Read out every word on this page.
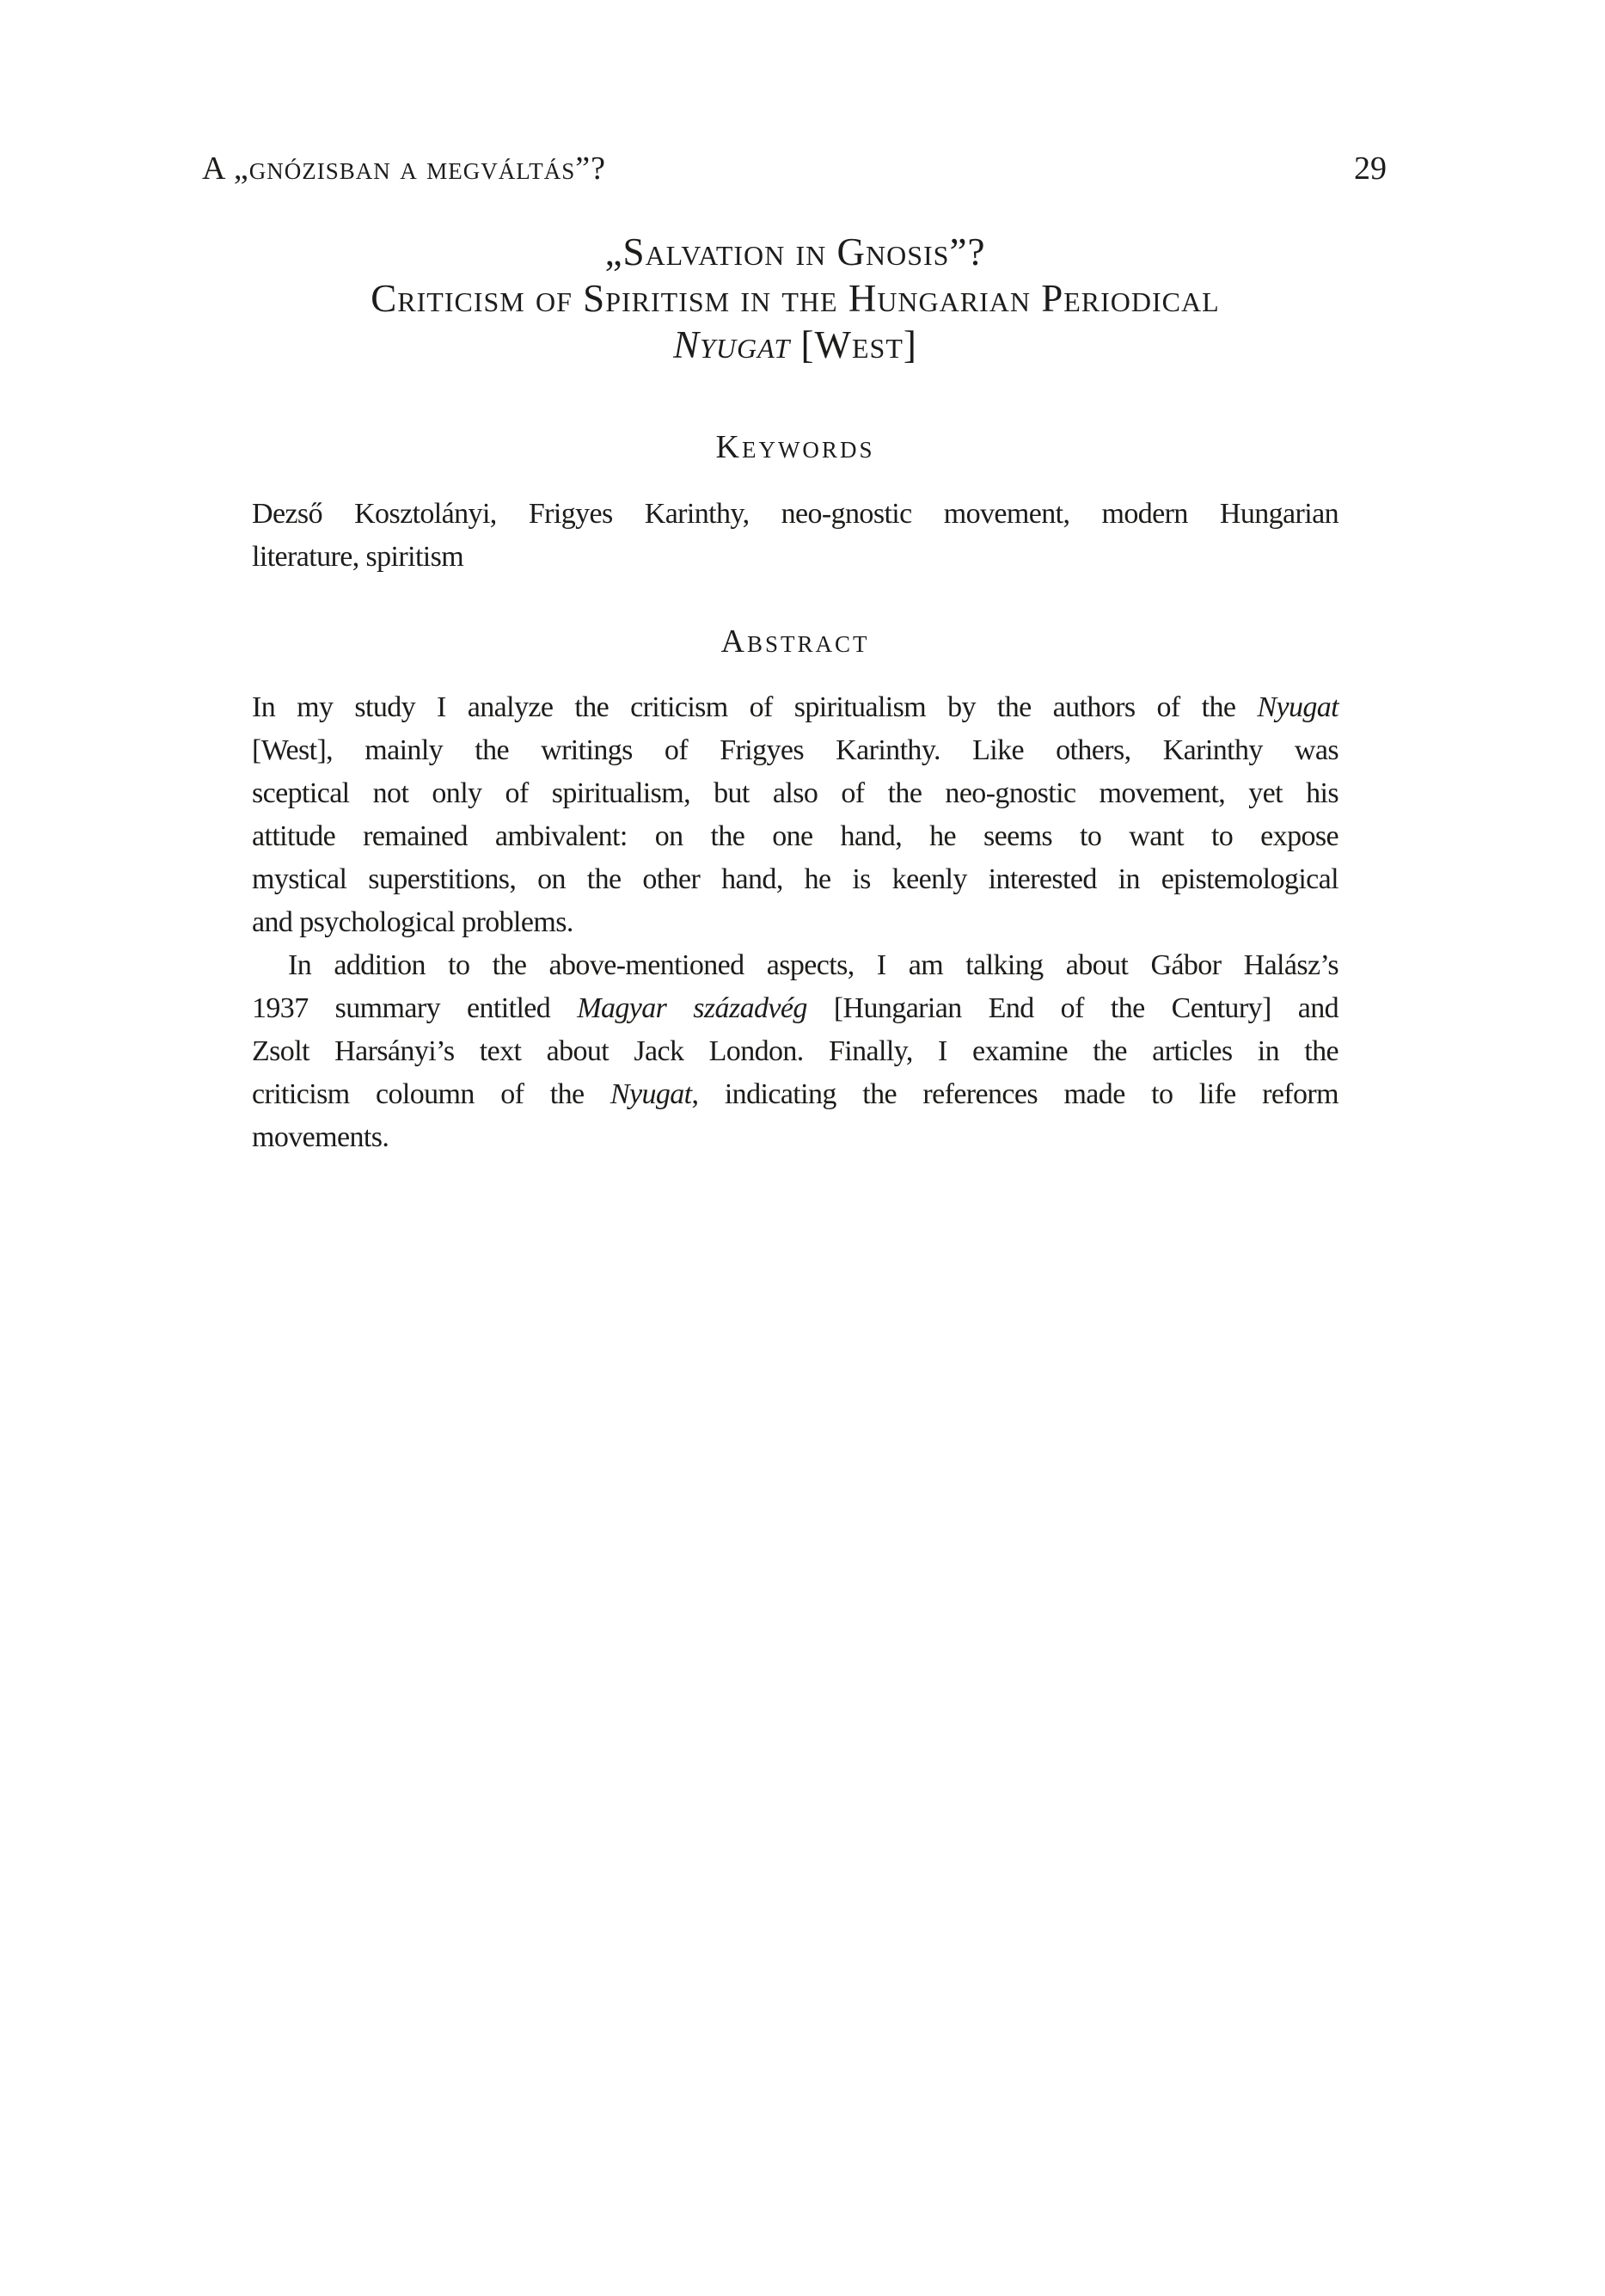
A „gnózisban a megváltás”?	29
„Salvation in Gnosis”?
Criticism of Spiritism in the Hungarian Periodical
Nyugat [West]
Keywords
Dezső Kosztolányi, Frigyes Karinthy, neo-gnostic movement, modern Hungarian
literature, spiritism
Abstract
In my study I analyze the criticism of spiritualism by the authors of the Nyugat
[West], mainly the writings of Frigyes Karinthy. Like others, Karinthy was
sceptical not only of spiritualism, but also of the neo-gnostic movement, yet his
attitude remained ambivalent: on the one hand, he seems to want to expose
mystical superstitions, on the other hand, he is keenly interested in epistemological
and psychological problems.
In addition to the above-mentioned aspects, I am talking about Gábor Halász’s
1937 summary entitled Magyar századvég [Hungarian End of the Century] and
Zsolt Harsányi’s text about Jack London. Finally, I examine the articles in the
criticism coloumn of the Nyugat, indicating the references made to life reform
movements.
